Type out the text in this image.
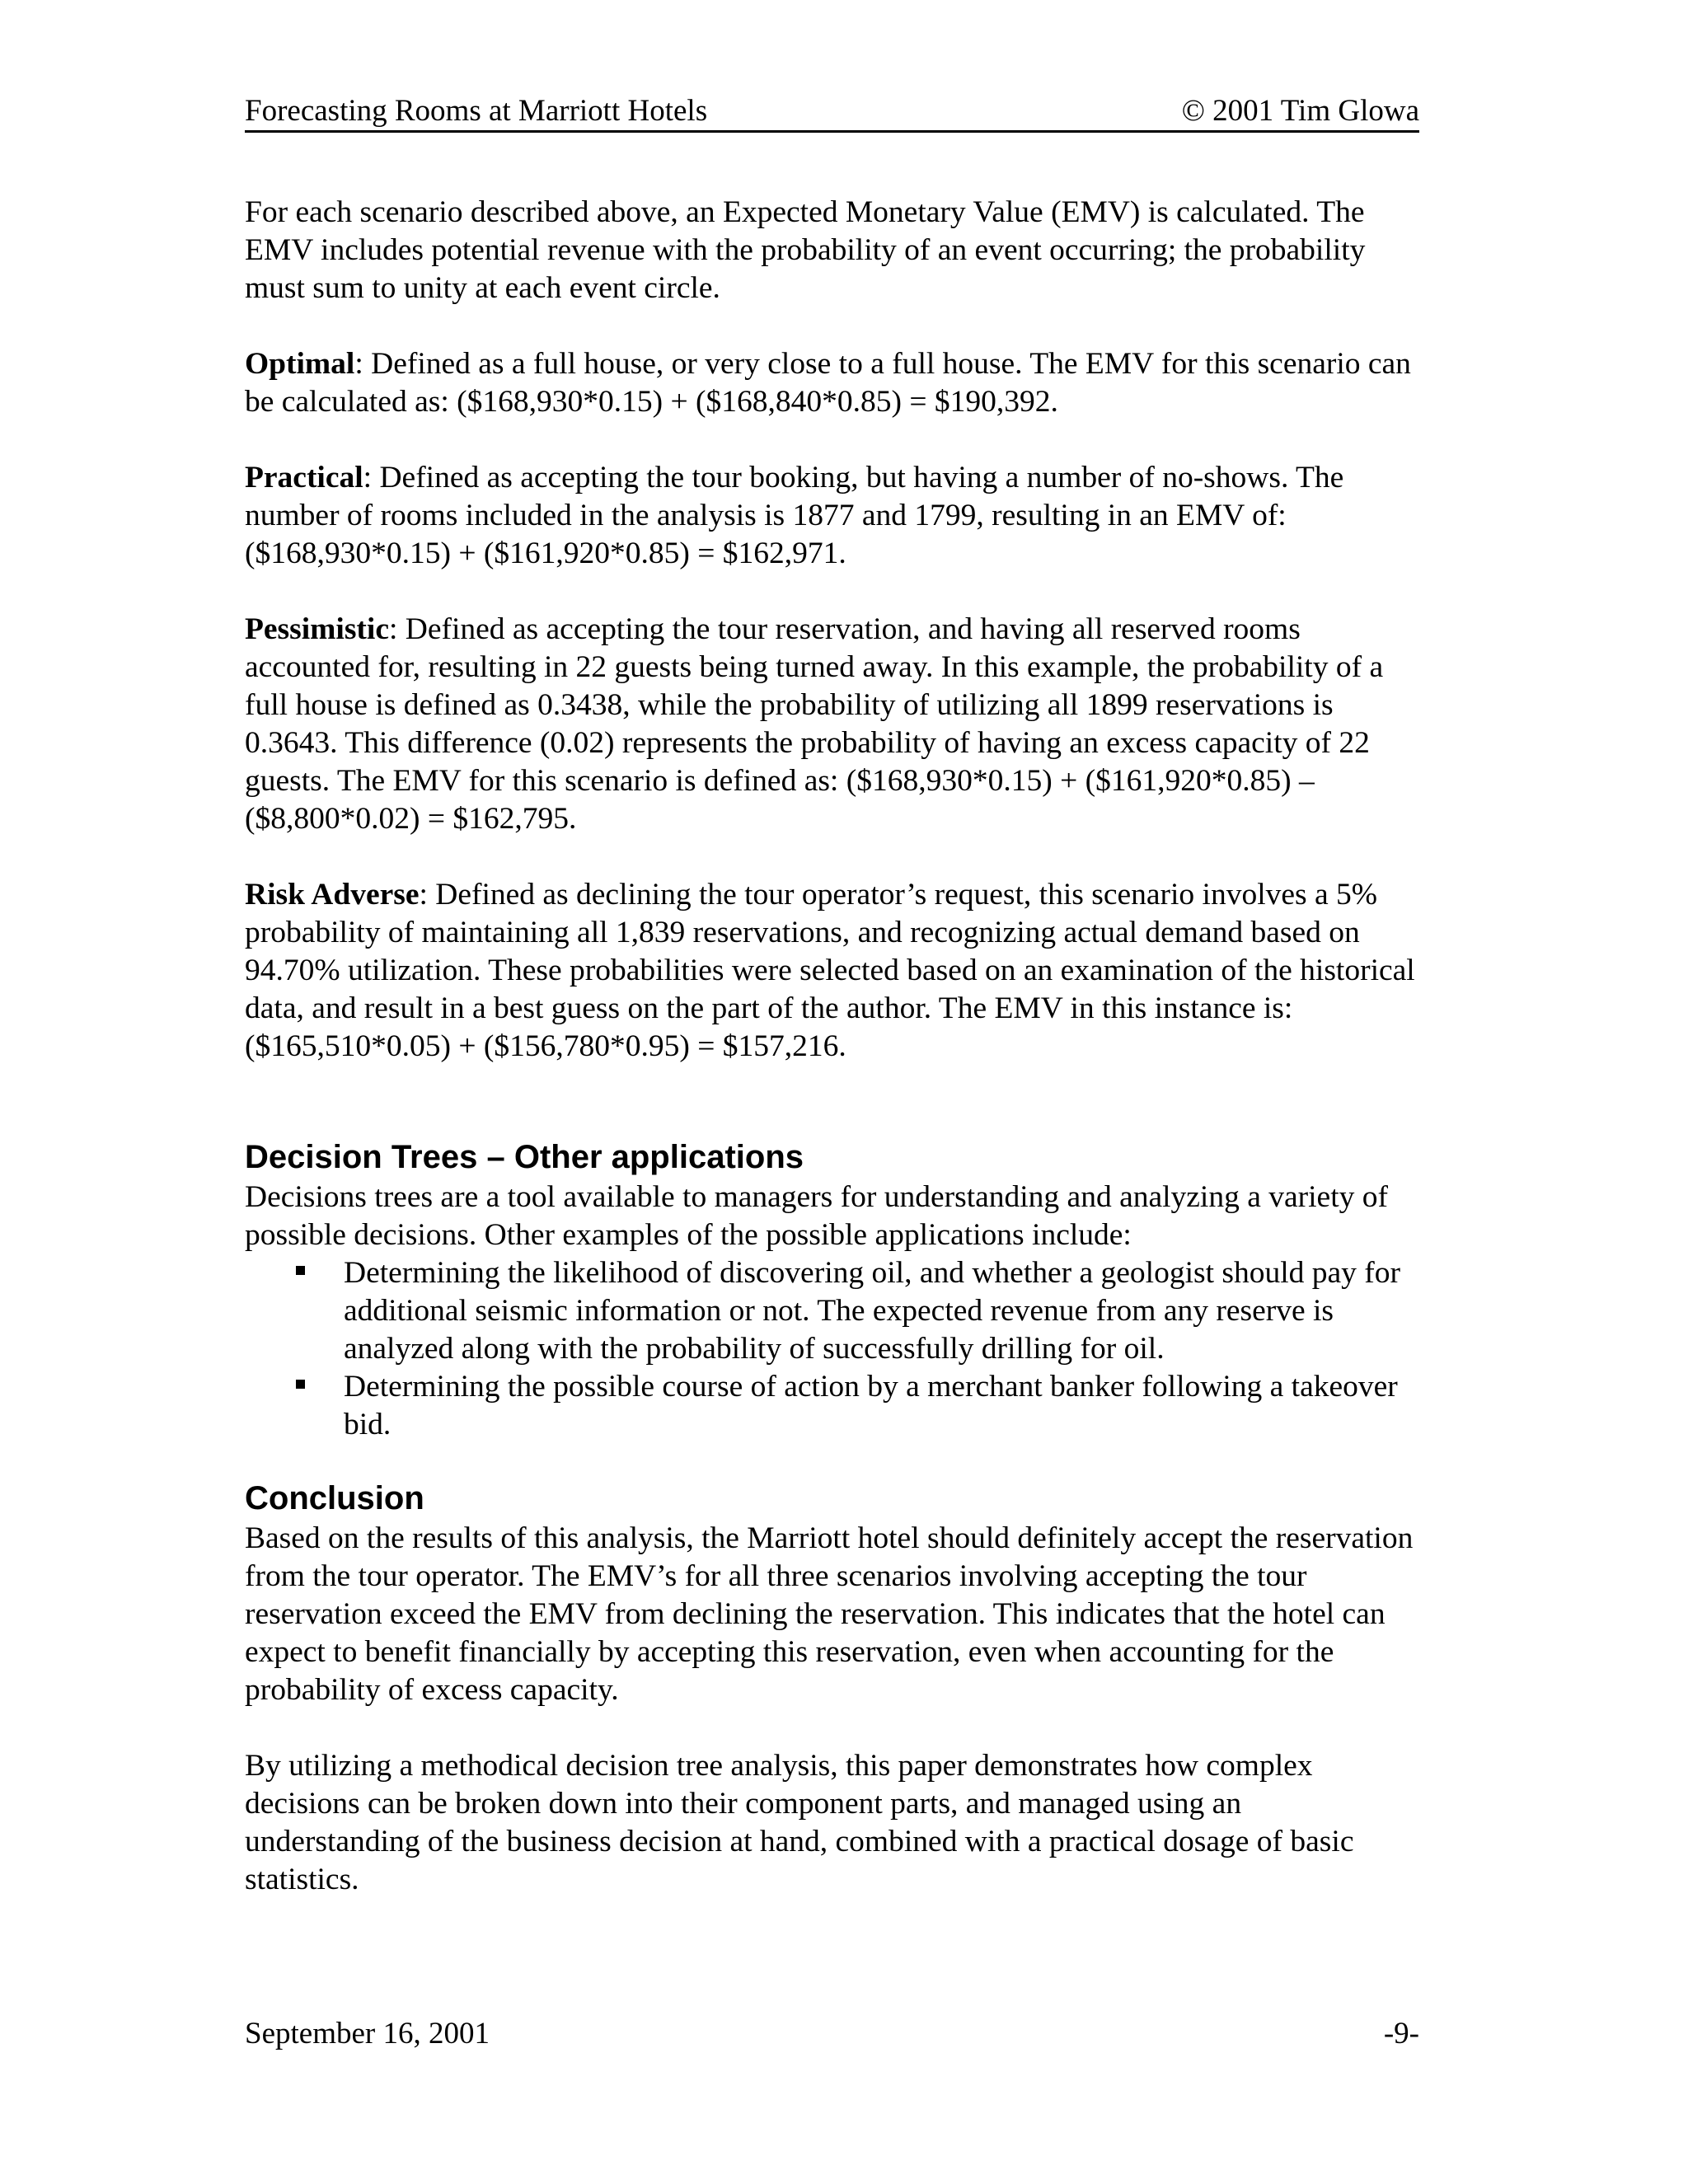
Forecasting Rooms at Marriott Hotels	© 2001 Tim Glowa

For each scenario described above, an Expected Monetary Value (EMV) is calculated. The EMV includes potential revenue with the probability of an event occurring; the probability must sum to unity at each event circle.

Optimal: Defined as a full house, or very close to a full house. The EMV for this scenario can be calculated as: ($168,930*0.15) + ($168,840*0.85) = $190,392.

Practical: Defined as accepting the tour booking, but having a number of no-shows. The number of rooms included in the analysis is 1877 and 1799, resulting in an EMV of: ($168,930*0.15) + ($161,920*0.85) = $162,971.

Pessimistic: Defined as accepting the tour reservation, and having all reserved rooms accounted for, resulting in 22 guests being turned away. In this example, the probability of a full house is defined as 0.3438, while the probability of utilizing all 1899 reservations is 0.3643. This difference (0.02) represents the probability of having an excess capacity of 22 guests. The EMV for this scenario is defined as: ($168,930*0.15) + ($161,920*0.85) – ($8,800*0.02) = $162,795.

Risk Adverse: Defined as declining the tour operator’s request, this scenario involves a 5% probability of maintaining all 1,839 reservations, and recognizing actual demand based on 94.70% utilization. These probabilities were selected based on an examination of the historical data, and result in a best guess on the part of the author. The EMV in this instance is: ($165,510*0.05) + ($156,780*0.95) = $157,216.

Decision Trees – Other applications

Decisions trees are a tool available to managers for understanding and analyzing a variety of possible decisions. Other examples of the possible applications include:

Determining the likelihood of discovering oil, and whether a geologist should pay for additional seismic information or not. The expected revenue from any reserve is analyzed along with the probability of successfully drilling for oil.
Determining the possible course of action by a merchant banker following a takeover bid.
Conclusion

Based on the results of this analysis, the Marriott hotel should definitely accept the reservation from the tour operator. The EMV’s for all three scenarios involving accepting the tour reservation exceed the EMV from declining the reservation. This indicates that the hotel can expect to benefit financially by accepting this reservation, even when accounting for the probability of excess capacity.

By utilizing a methodical decision tree analysis, this paper demonstrates how complex decisions can be broken down into their component parts, and managed using an understanding of the business decision at hand, combined with a practical dosage of basic statistics.

September 16, 2001	-9-
